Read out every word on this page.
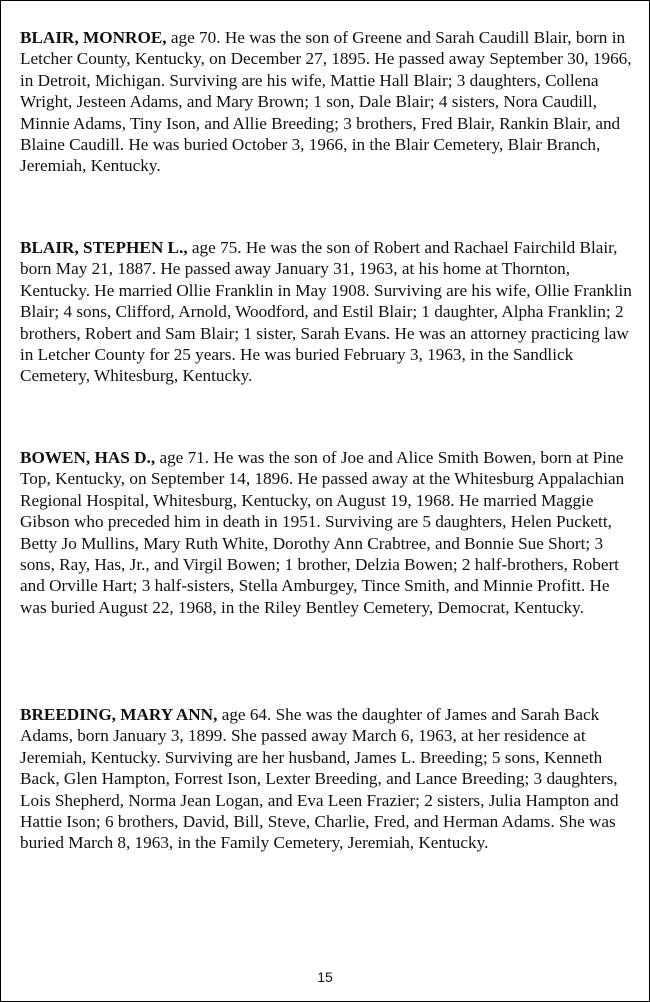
BLAIR, MONROE, age 70. He was the son of Greene and Sarah Caudill Blair, born in Letcher County, Kentucky, on December 27, 1895. He passed away September 30, 1966, in Detroit, Michigan. Surviving are his wife, Mattie Hall Blair; 3 daughters, Collena Wright, Jesteen Adams, and Mary Brown; 1 son, Dale Blair; 4 sisters, Nora Caudill, Minnie Adams, Tiny Ison, and Allie Breeding; 3 brothers, Fred Blair, Rankin Blair, and Blaine Caudill. He was buried October 3, 1966, in the Blair Cemetery, Blair Branch, Jeremiah, Kentucky.

BLAIR, STEPHEN L., age 75. He was the son of Robert and Rachael Fairchild Blair, born May 21, 1887. He passed away January 31, 1963, at his home at Thornton, Kentucky. He married Ollie Franklin in May 1908. Surviving are his wife, Ollie Franklin Blair; 4 sons, Clifford, Arnold, Woodford, and Estil Blair; 1 daughter, Alpha Franklin; 2 brothers, Robert and Sam Blair; 1 sister, Sarah Evans. He was an attorney practicing law in Letcher County for 25 years. He was buried February 3, 1963, in the Sandlick Cemetery, Whitesburg, Kentucky.

BOWEN, HAS D., age 71. He was the son of Joe and Alice Smith Bowen, born at Pine Top, Kentucky, on September 14, 1896. He passed away at the Whitesburg Appalachian Regional Hospital, Whitesburg, Kentucky, on August 19, 1968. He married Maggie Gibson who preceded him in death in 1951. Surviving are 5 daughters, Helen Puckett, Betty Jo Mullins, Mary Ruth White, Dorothy Ann Crabtree, and Bonnie Sue Short; 3 sons, Ray, Has, Jr., and Virgil Bowen; 1 brother, Delzia Bowen; 2 half-brothers, Robert and Orville Hart; 3 half-sisters, Stella Amburgey, Tince Smith, and Minnie Profitt. He was buried August 22, 1968, in the Riley Bentley Cemetery, Democrat, Kentucky.

BREEDING, MARY ANN, age 64. She was the daughter of James and Sarah Back Adams, born January 3, 1899. She passed away March 6, 1963, at her residence at Jeremiah, Kentucky. Surviving are her husband, James L. Breeding; 5 sons, Kenneth Back, Glen Hampton, Forrest Ison, Lexter Breeding, and Lance Breeding; 3 daughters, Lois Shepherd, Norma Jean Logan, and Eva Leen Frazier; 2 sisters, Julia Hampton and Hattie Ison; 6 brothers, David, Bill, Steve, Charlie, Fred, and Herman Adams. She was buried March 8, 1963, in the Family Cemetery, Jeremiah, Kentucky.

15
